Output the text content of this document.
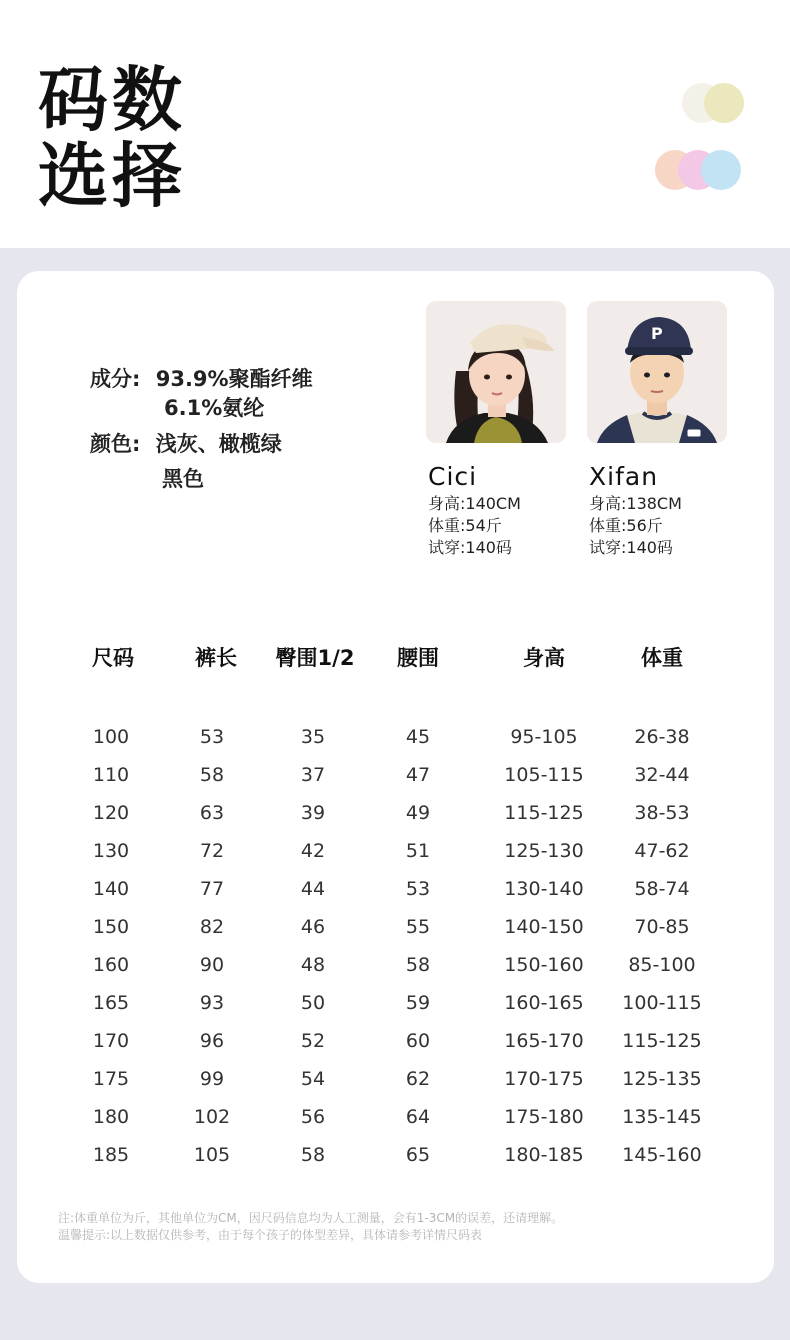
码数
选择
成分: 93.9%聚酯纤维
6.1%氨纶
颜色: 浅灰、橄榄绿
黑色
P
Cici
身高:140CM
体重:54斤
试穿:140码
Xifan
身高:138CM
体重:56斤
试穿:140码
尺码	裤长 臀围1/2 腰围	身高	体重
100	53	35	45	95-105	26-38
110	58	37	47	105-115	32-44
120	63	39	49	115-125	38-53
130	72	42	51	125-130	47-62
140	77	44	53	130-140	58-74
150	82	46	55	140-150	70-85
160	90	48	58	150-160 85-100
165	93	50	59	160-165 100-115
170	96	52	60	165-170 115-125
175	99	54	62	170-175 125-135
180	102	56	64	175-180 135-145
185	105	58	65	180-185 145-160
注:体重单位为斤，其他单位为CM，因尺码信息均为人工测量，会有1-3CM的误差，还请理解。
温馨提示:以上数据仅供参考，由于每个孩子的体型差异，具体请参考详情尺码表
